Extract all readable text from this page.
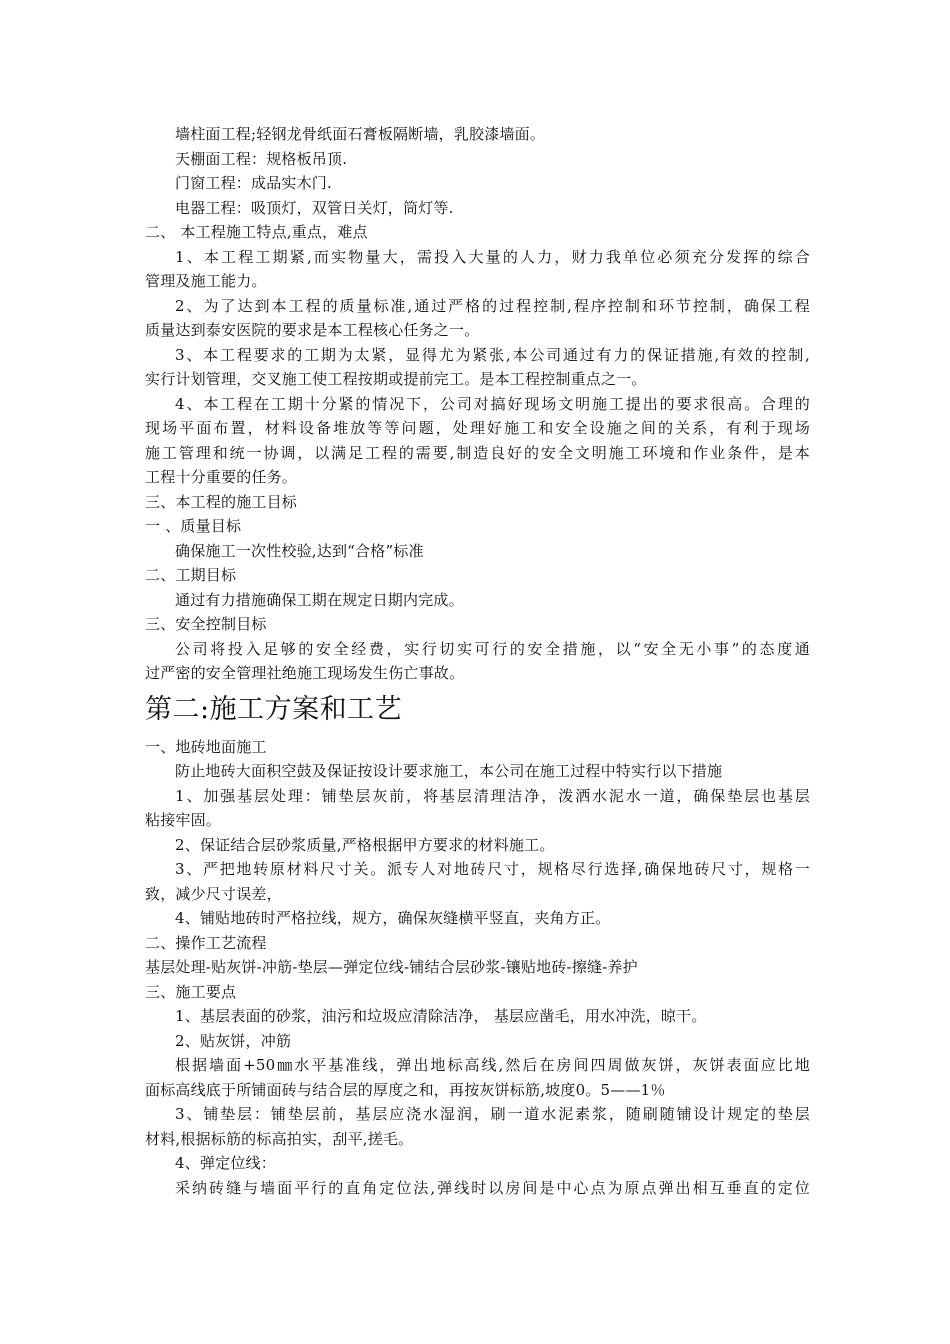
墙柱面工程;轻钢龙骨纸面石膏板隔断墙，乳胶漆墙面。
天棚面工程：规格板吊顶.
门窗工程：成品实木门.
电器工程：吸顶灯，双管日关灯，筒灯等.
二、 本工程施工特点,重点，难点
1、本工程工期紧,而实物量大，需投入大量的人力，财力我单位必须充分发挥的综合
管理及施工能力。
2、为了达到本工程的质量标准,通过严格的过程控制,程序控制和环节控制，确保工程
质量达到泰安医院的要求是本工程核心任务之一。
3、本工程要求的工期为太紧，显得尤为紧张,本公司通过有力的保证措施,有效的控制,
实行计划管理，交叉施工使工程按期或提前完工。是本工程控制重点之一。
4、本工程在工期十分紧的情况下，公司对搞好现场文明施工提出的要求很高。合理的
现场平面布置，材料设备堆放等等问题，处理好施工和安全设施之间的关系，有利于现场
施工管理和统一协调，以满足工程的需要,制造良好的安全文明施工环境和作业条件，是本
工程十分重要的任务。
三、本工程的施工目标
一 、质量目标
确保施工一次性校验,达到“合格”标准
二、工期目标
通过有力措施确保工期在规定日期内完成。
三、安全控制目标
公司将投入足够的安全经费，实行切实可行的安全措施，以“安全无小事”的态度通
过严密的安全管理社绝施工现场发生伤亡事故。
第二:施工方案和工艺
一、地砖地面施工
防止地砖大面积空鼓及保证按设计要求施工，本公司在施工过程中特实行以下措施
1、加强基层处理：铺垫层灰前，将基层清理洁净，泼洒水泥水一道，确保垫层也基层
粘接牢固。
2、保证结合层砂浆质量,严格根据甲方要求的材料施工。
3、严把地转原材料尺寸关。派专人对地砖尺寸，规格尽行选择,确保地砖尺寸，规格一
致，减少尺寸误差，
4、铺贴地砖时严格拉线，规方，确保灰缝横平竖直，夹角方正。
二、操作工艺流程
基层处理-贴灰饼-冲筋-垫层—弹定位线-铺结合层砂浆-镶贴地砖-擦缝-养护
三、施工要点
1、基层表面的砂浆，油污和垃圾应清除洁净， 基层应凿毛，用水冲洗，晾干。
2、贴灰饼，冲筋
根据墙面+50㎜水平基准线，弹出地标高线,然后在房间四周做灰饼，灰饼表面应比地
面标高线底于所铺面砖与结合层的厚度之和，再按灰饼标筋,坡度0。5——1％
3、铺垫层：铺垫层前，基层应浇水湿润，刷一道水泥素浆，随刷随铺设计规定的垫层
材料,根据标筋的标高拍实，刮平,搓毛。
4、弹定位线：
采纳砖缝与墙面平行的直角定位法,弹线时以房间是中心点为原点弹出相互垂直的定位
